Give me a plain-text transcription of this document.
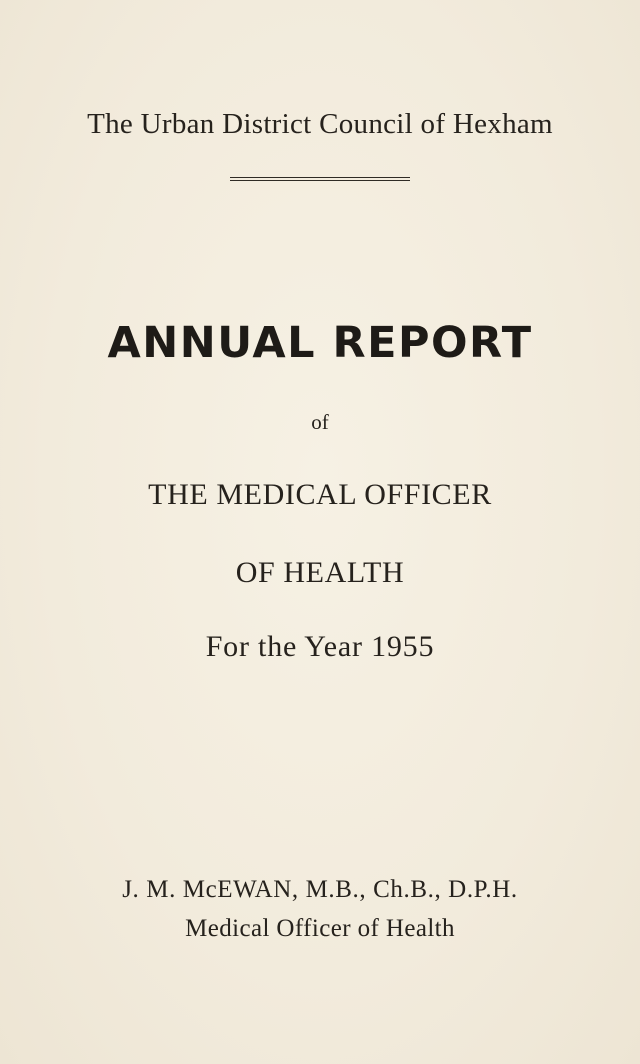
The Urban District Council of Hexham
ANNUAL REPORT
of
THE MEDICAL OFFICER
OF HEALTH
For the Year 1955
J. M. McEWAN, M.B., Ch.B., D.P.H.
Medical Officer of Health
